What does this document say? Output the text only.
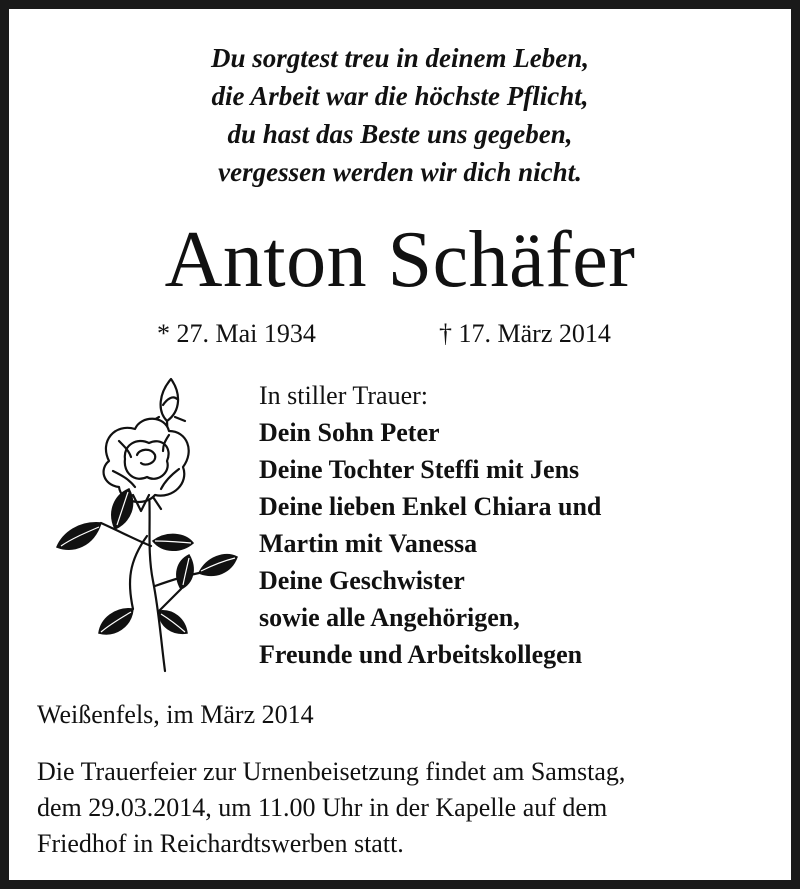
Du sorgtest treu in deinem Leben,
die Arbeit war die höchste Pflicht,
du hast das Beste uns gegeben,
vergessen werden wir dich nicht.
Anton Schäfer
* 27. Mai 1934	† 17. März 2014
In stiller Trauer:
Dein Sohn Peter
Deine Tochter Steffi mit Jens
Deine lieben Enkel Chiara und
Martin mit Vanessa
Deine Geschwister
sowie alle Angehörigen,
Freunde und Arbeitskollegen
Weißenfels, im März 2014
Die Trauerfeier zur Urnenbeisetzung findet am Samstag,
dem 29.03.2014, um 11.00 Uhr in der Kapelle auf dem
Friedhof in Reichardtswerben statt.
